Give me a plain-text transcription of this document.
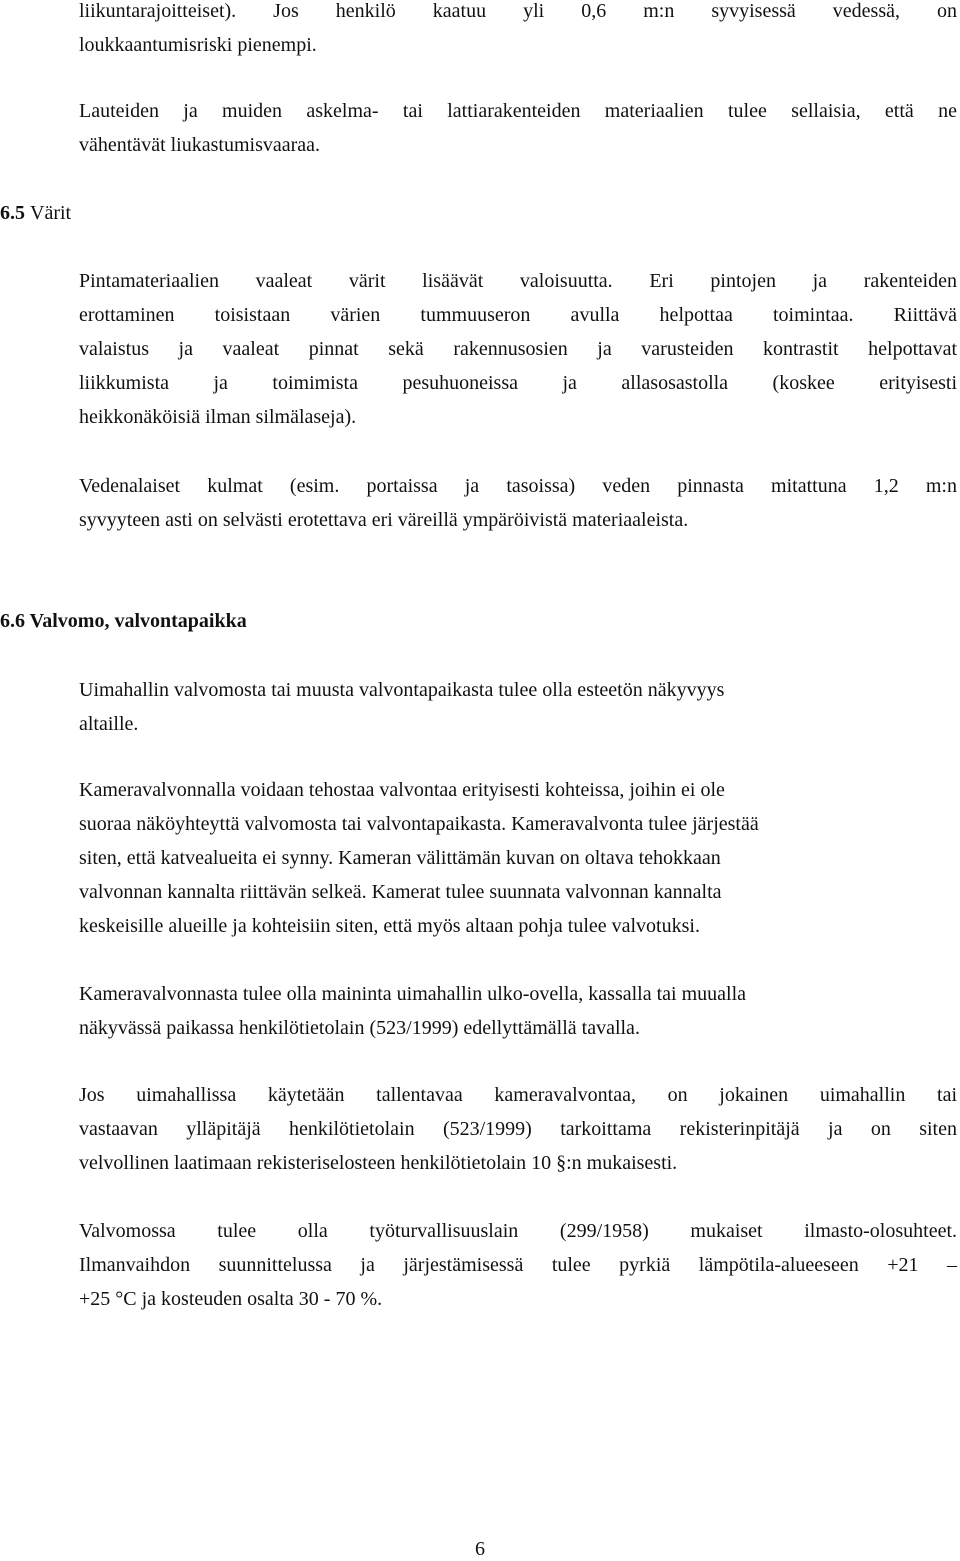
liikuntarajoitteiset). Jos henkilö kaatuu yli 0,6 m:n syvyisessä vedessä, on
loukkaantumisriski pienempi.

Lauteiden ja muiden askelma- tai lattiarakenteiden materiaalien tulee sellaisia, että ne
vähentävät liukastumisvaaraa.

6.5 Värit

Pintamateriaalien vaaleat värit lisäävät valoisuutta. Eri pintojen ja rakenteiden
erottaminen toisistaan värien tummuuseron avulla helpottaa toimintaa. Riittävä
valaistus ja vaaleat pinnat sekä rakennusosien ja varusteiden kontrastit helpottavat
liikkumista ja toimimista pesuhuoneissa ja allasosastolla (koskee erityisesti
heikkonäköisiä ilman silmälaseja).

Vedenalaiset kulmat (esim. portaissa ja tasoissa) veden pinnasta mitattuna 1,2 m:n
syvyyteen asti on selvästi erotettava eri väreillä ympäröivistä materiaaleista.

6.6 Valvomo, valvontapaikka

Uimahallin valvomosta tai muusta valvontapaikasta tulee olla esteetön näkyvyys
altaille.

Kameravalvonnalla voidaan tehostaa valvontaa erityisesti kohteissa, joihin ei ole
suoraa näköyhteyttä valvomosta tai valvontapaikasta. Kameravalvonta tulee järjestää
siten, että katvealueita ei synny. Kameran välittämän kuvan on oltava tehokkaan
valvonnan kannalta riittävän selkeä. Kamerat tulee suunnata valvonnan kannalta
keskeisille alueille ja kohteisiin siten, että myös altaan pohja tulee valvotuksi.

Kameravalvonnasta tulee olla maininta uimahallin ulko-ovella, kassalla tai muualla
näkyvässä paikassa henkilötietolain (523/1999) edellyttämällä tavalla.

Jos uimahallissa käytetään tallentavaa kameravalvontaa, on jokainen uimahallin tai
vastaavan ylläpitäjä henkilötietolain (523/1999) tarkoittama rekisterinpitäjä ja on siten
velvollinen laatimaan rekisteriselosteen henkilötietolain 10 §:n mukaisesti.

Valvomossa tulee olla työturvallisuuslain (299/1958) mukaiset ilmasto-olosuhteet.
Ilmanvaihdon suunnittelussa ja järjestämisessä tulee pyrkiä lämpötila-alueeseen +21 –
+25 °C ja kosteuden osalta 30 - 70 %.

6
